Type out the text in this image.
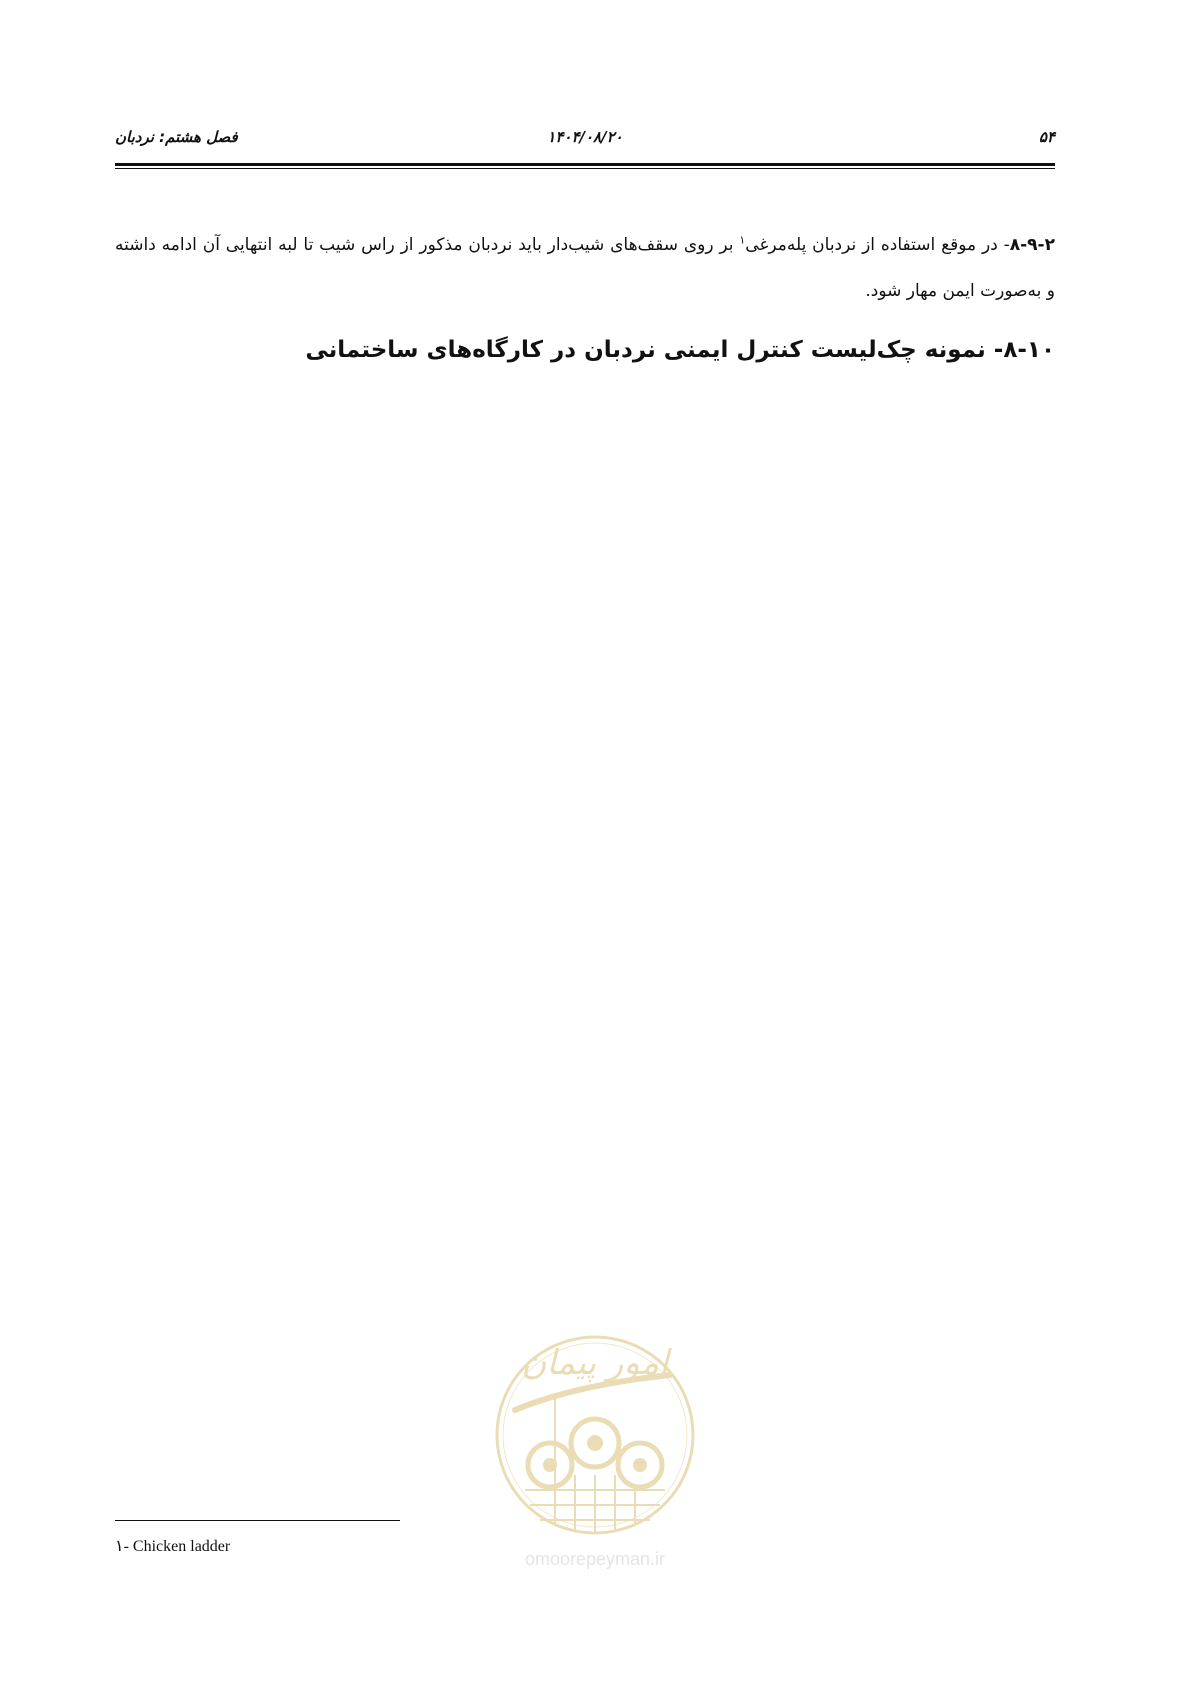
۵۴
۱۴۰۴/۰۸/۲۰
فصل هشتم: نردبان

۸-۹-۲- در موقع استفاده از نردبان پله‌مرغی$^۱$ بر روی سقف‌های شیب‌دار باید نردبان مذکور از راس شیب تا لبه انتهایی آن ادامه داشته و به‌صورت ایمن مهار شود.

۸-۱۰- نمونه چک‌لیست کنترل ایمنی نردبان در کارگاه‌های ساختمانی
امور پیمان
omoorepeyman.ir
۱- Chicken ladder
